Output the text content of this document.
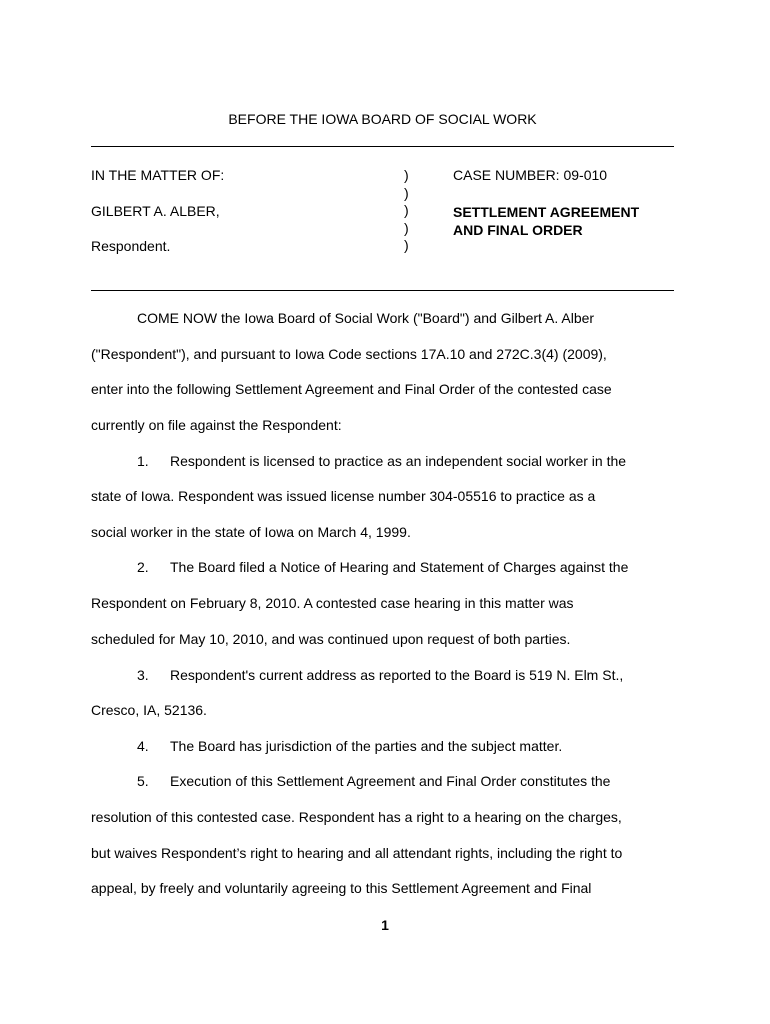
BEFORE THE IOWA BOARD OF SOCIAL WORK
IN THE MATTER OF:
GILBERT A. ALBER,
Respondent.
)
)
)
)
)
CASE NUMBER: 09-010
SETTLEMENT AGREEMENT
AND FINAL ORDER
COME NOW the Iowa Board of Social Work ("Board") and Gilbert A. Alber
("Respondent"), and pursuant to Iowa Code sections 17A.10 and 272C.3(4) (2009),
enter into the following Settlement Agreement and Final Order of the contested case
currently on file against the Respondent:
1. Respondent is licensed to practice as an independent social worker in the
state of Iowa. Respondent was issued license number 304-05516 to practice as a
social worker in the state of Iowa on March 4, 1999.
2. The Board filed a Notice of Hearing and Statement of Charges against the
Respondent on February 8, 2010. A contested case hearing in this matter was
scheduled for May 10, 2010, and was continued upon request of both parties.
3. Respondent's current address as reported to the Board is 519 N. Elm St.,
Cresco, IA, 52136.
4. The Board has jurisdiction of the parties and the subject matter.
5. Execution of this Settlement Agreement and Final Order constitutes the
resolution of this contested case. Respondent has a right to a hearing on the charges,
but waives Respondent’s right to hearing and all attendant rights, including the right to
appeal, by freely and voluntarily agreeing to this Settlement Agreement and Final
1
